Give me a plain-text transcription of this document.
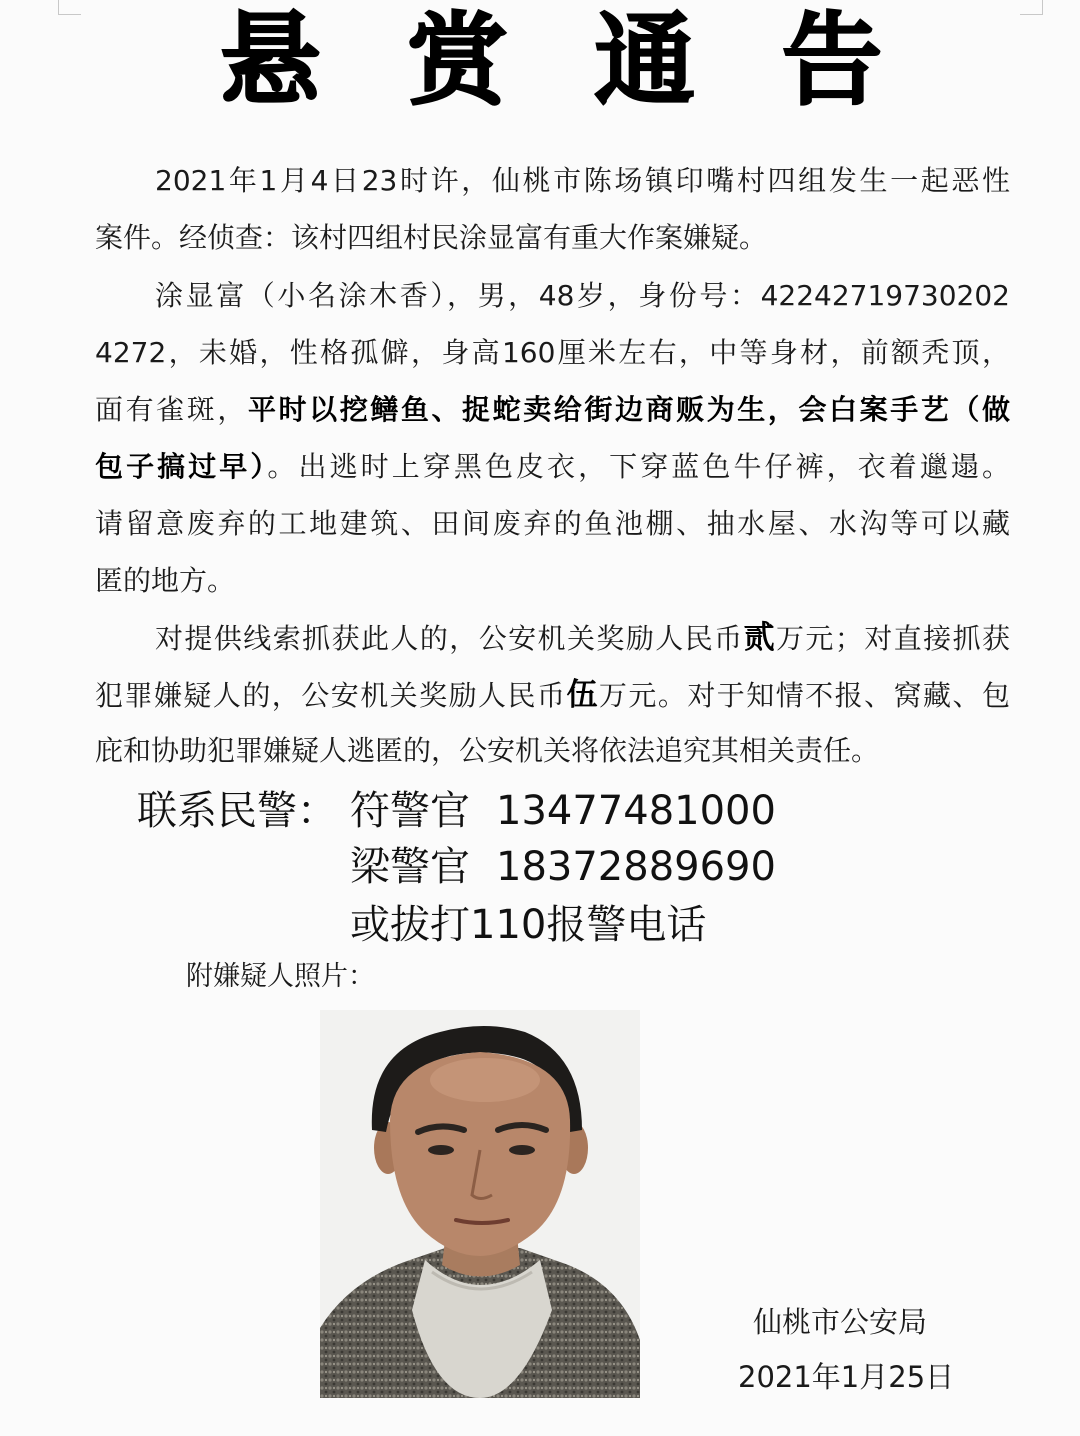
悬 赏 通 告
2021年1月4日23时许，仙桃市陈场镇印嘴村四组发生一起恶性
案件。经侦查：该村四组村民涂显富有重大作案嫌疑。
涂显富（小名涂木香），男，48岁，身份号：42242719730202
4272，未婚，性格孤僻，身高160厘米左右，中等身材，前额秃顶，
面有雀斑，平时以挖鳝鱼、捉蛇卖给街边商贩为生，会白案手艺（做
包子搞过早）。出逃时上穿黑色皮衣，下穿蓝色牛仔裤，衣着邋遢。
请留意废弃的工地建筑、田间废弃的鱼池棚、抽水屋、水沟等可以藏
匿的地方。
对提供线索抓获此人的，公安机关奖励人民币贰万元；对直接抓获
犯罪嫌疑人的，公安机关奖励人民币伍万元。对于知情不报、窝藏、包
庇和协助犯罪嫌疑人逃匿的，公安机关将依法追究其相关责任。
联系民警： 符警官 13477481000
梁警官 18372889690
或拔打110报警电话
附嫌疑人照片：
仙桃市公安局
2021年1月25日
